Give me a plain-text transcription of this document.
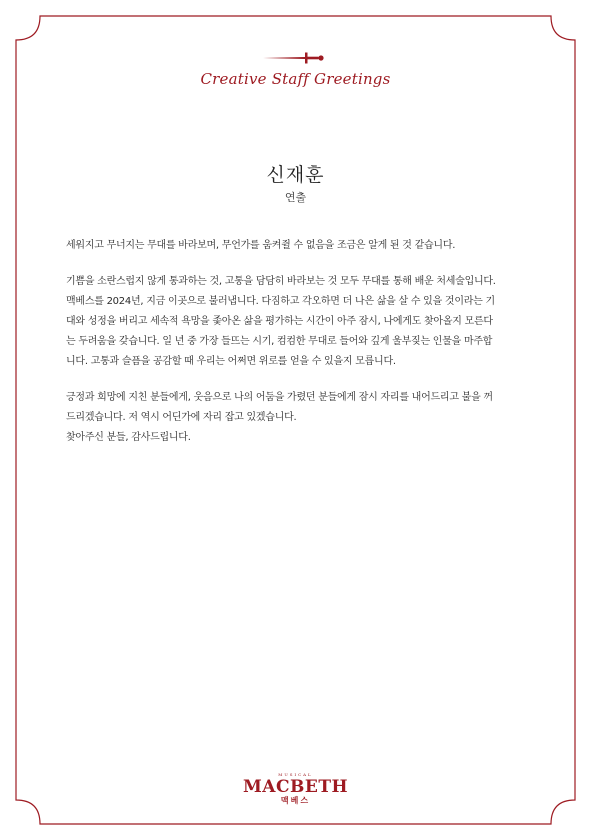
Creative Staff Greetings
신재훈
연출

세워지고 무너지는 무대를 바라보며, 무언가를 움켜쥘 수 없음을 조금은 알게 된 것 같습니다.

기쁨을 소란스럽지 않게 통과하는 것, 고통을 담담히 바라보는 것 모두 무대를 통해 배운 처세술입니다.
맥베스를 2024년, 지금 이곳으로 불러냅니다. 다짐하고 각오하면 더 나은 삶을 살 수 있을 것이라는 기
대와 성정을 버리고 세속적 욕망을 좇아온 삶을 평가하는 시간이 아주 잠시, 나에게도 찾아올지 모른다
는 두려움을 갖습니다. 일 년 중 가장 들뜨는 시기, 컴컴한 무대로 들어와 깊게 울부짖는 인물을 마주합
니다. 고통과 슬픔을 공감할 때 우리는 어쩌면 위로를 얻을 수 있을지 모릅니다.

긍정과 희망에 지친 분들에게, 웃음으로 나의 어둠을 가렸던 분들에게 잠시 자리를 내어드리고 불을 꺼
드리겠습니다. 저 역시 어딘가에 자리 잡고 있겠습니다.
찾아주신 분들, 감사드립니다.

MUSICAL
MACBETH
맥베스
